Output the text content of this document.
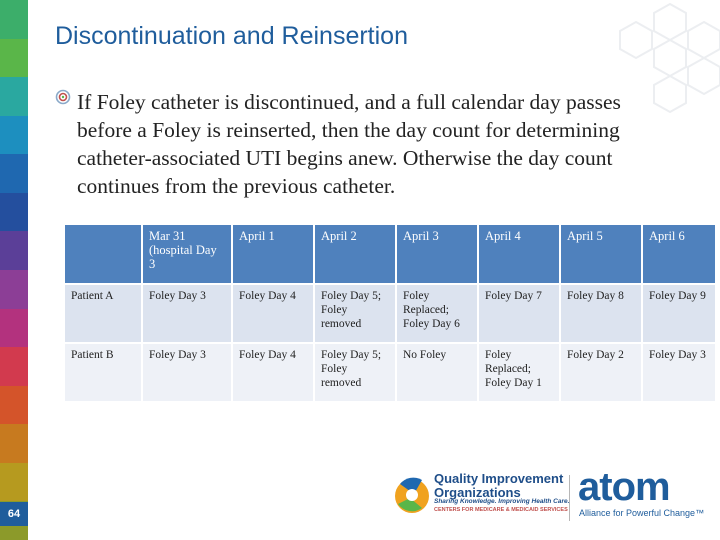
64
Discontinuation and Reinsertion
If Foley catheter is discontinued, and a full calendar day passes before a Foley is reinserted, then the day count for determining catheter-associated UTI begins anew. Otherwise the day count continues from the previous catheter.
	Mar 31 (hospital Day 3	April 1	April 2	April 3	April 4	April 5	April 6
Patient A	Foley Day 3	Foley Day 4	Foley Day 5; Foley removed	Foley Replaced; Foley Day 6	Foley Day 7	Foley Day 8	Foley Day 9
Patient B	Foley Day 3	Foley Day 4	Foley Day 5; Foley removed	No Foley	Foley Replaced; Foley Day 1	Foley Day 2	Foley Day 3
Quality Improvement Organizations
Sharing Knowledge. Improving Health Care.
CENTERS FOR MEDICARE & MEDICAID SERVICES
atom
Alliance for Powerful Change™
